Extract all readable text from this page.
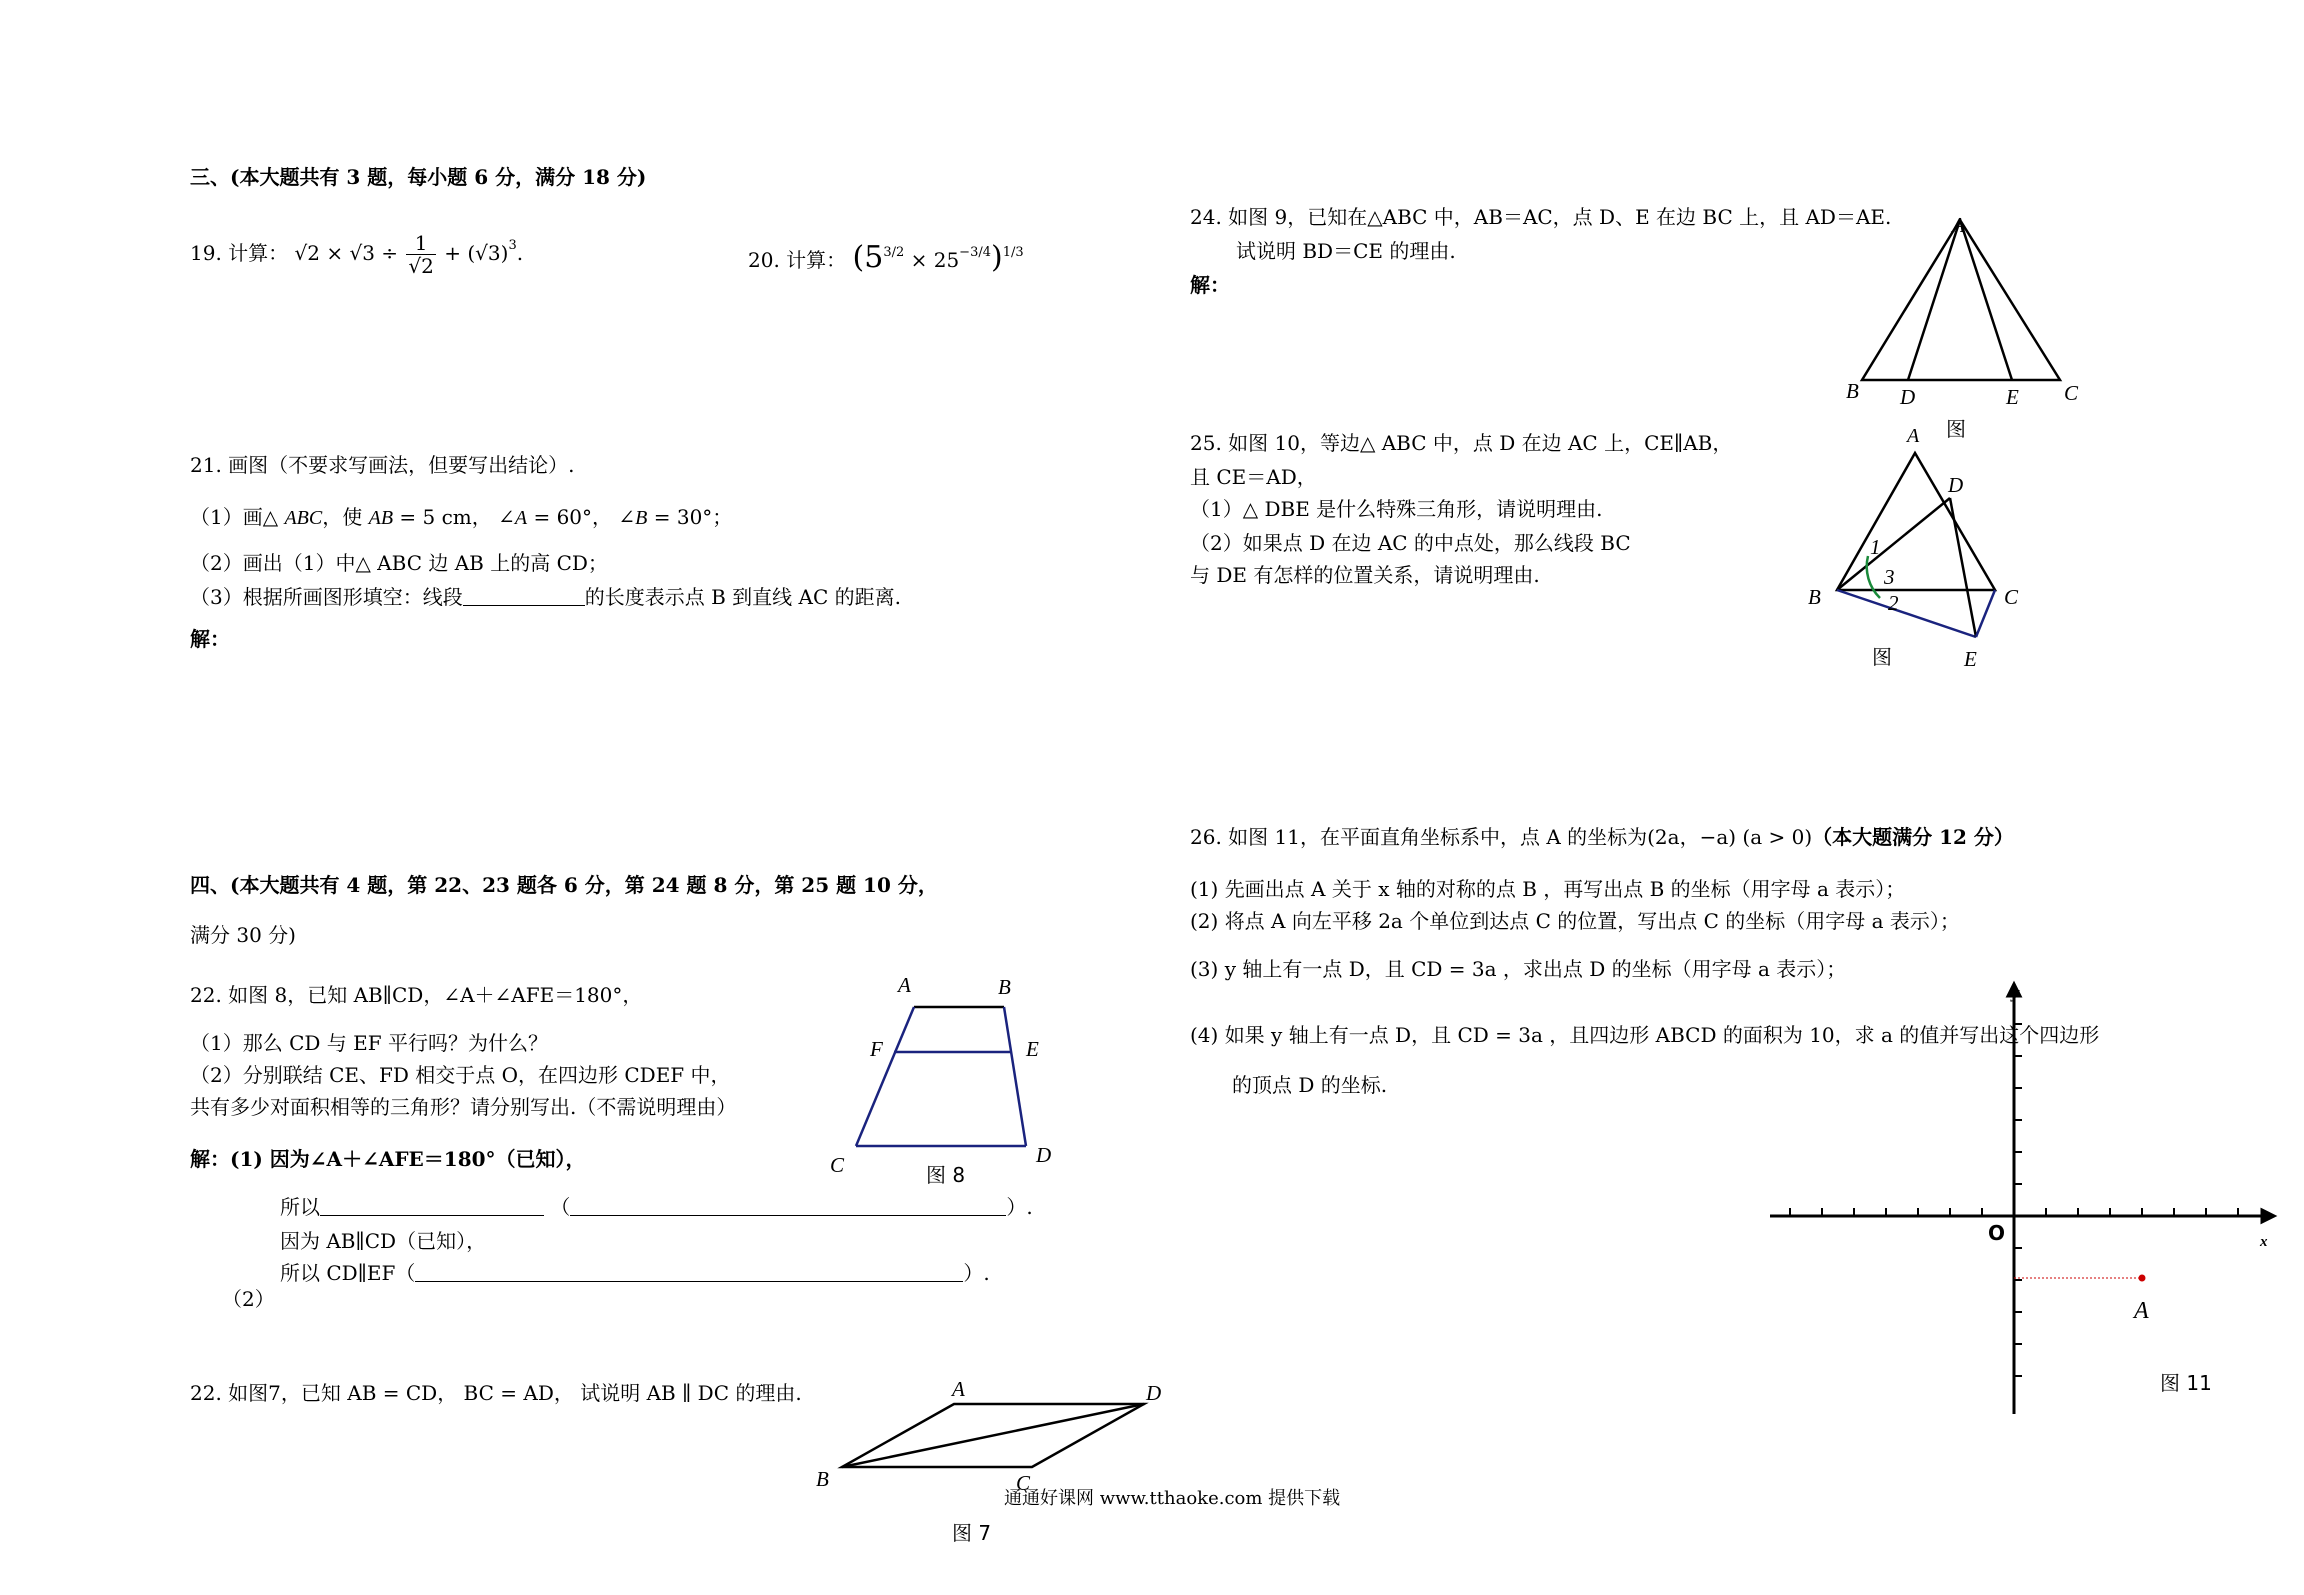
三、(本大题共有 3 题，每小题 6 分，满分 18 分)
19. 计算： $√2 \times √3 \div \frac{1}{√2} + (√3)^3$.	20. 计算： $(5^{3/2} \times 25^{-3/4})^{1/3}$
21. 画图（不要求写画法，但要写出结论）.
（1）画△ ABC，使 AB = 5 cm， ∠A = 60°， ∠B = 30°；
（2）画出（1）中△ ABC 边 AB 上的高 CD；
（3）根据所画图形填空：线段	的长度表示点 B 到直线 AC 的距离.
解：
四、(本大题共有 4 题，第 22、23 题各 6 分，第 24 题 8 分，第 25 题 10 分，
满分 30 分)
22. 如图 8，已知 AB∥CD，∠A＋∠AFE＝180°，
（1）那么 CD 与 EF 平行吗？为什么？
（2）分别联结 CE、FD 相交于点 O，在四边形 CDEF 中，
共有多少对面积相等的三角形？请分别写出.（不需说明理由）
解：(1) 因为∠A＋∠AFE＝180°（已知），
所以	（	）.
因为 AB∥CD（已知），
所以 CD∥EF（	）.
（2）
22. 如图7，已知 AB = CD， BC = AD， 试说明 AB ∥ DC 的理由.
24. 如图 9，已知在△ABC 中，AB＝AC，点 D、E 在边 BC 上，且 AD＝AE.
试说明 BD＝CE 的理由.
解：
25. 如图 10，等边△ ABC 中，点 D 在边 AC 上，CE∥AB，
且 CE＝AD，
（1）△ DBE 是什么特殊三角形，请说明理由.
（2）如果点 D 在边 AC 的中点处，那么线段 BC
与 DE 有怎样的位置关系，请说明理由.
26. 如图 11，在平面直角坐标系中，点 A 的坐标为(2a，−a) (a > 0)（本大题满分 12 分）
(1) 先画出点 A 关于 x 轴的对称的点 B ，再写出点 B 的坐标（用字母 a 表示）；
(2) 将点 A 向左平移 2a 个单位到达点 C 的位置，写出点 C 的坐标（用字母 a 表示）；
(3) y 轴上有一点 D，且 CD = 3a ，求出点 D 的坐标（用字母 a 表示）；
(4) 如果 y 轴上有一点 D，且 CD = 3a ，且四边形 ABCD 的面积为 10，求 a 的值并写出这个四边形
的顶点 D 的坐标.
通通好课网 www.tthaoke.com 提供下载
A
B D	E C
图
A
D
1
3
2
B	C
E
图
A	B
F	E
C	D
图 8
A	D
B	C
图 7
y
x
O
A
图 11
